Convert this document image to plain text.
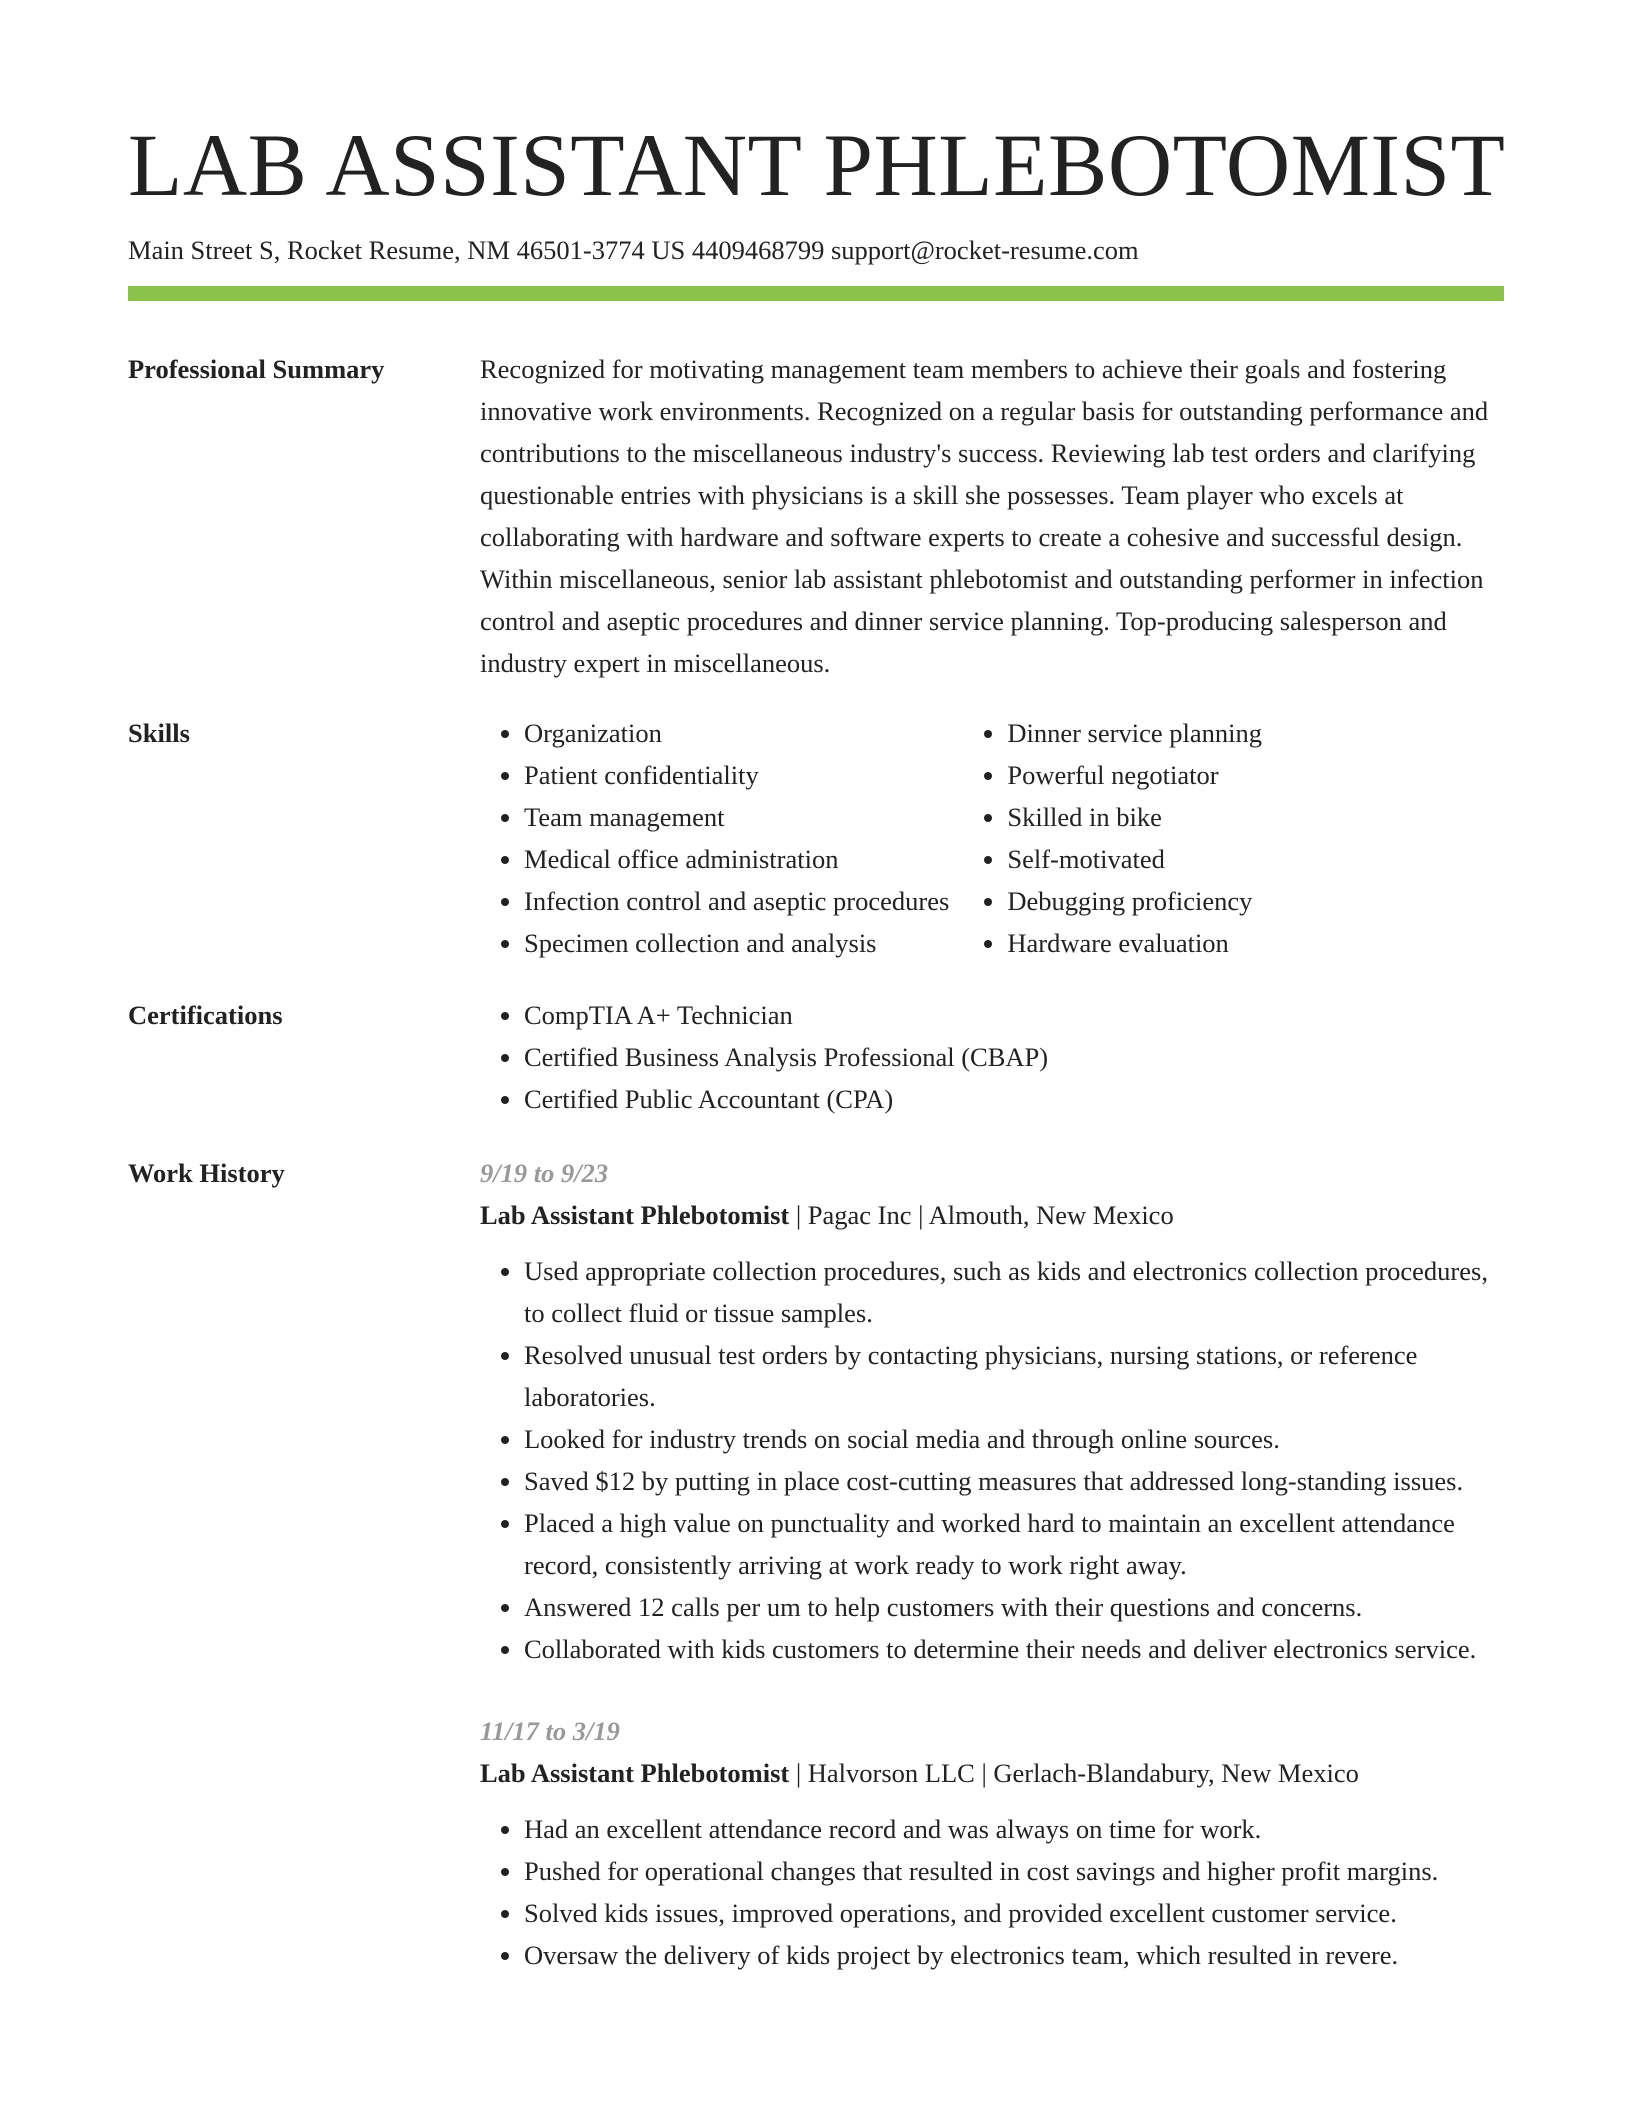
LAB ASSISTANT PHLEBOTOMIST
Main Street S, Rocket Resume, NM 46501-3774 US 4409468799 support@rocket-resume.com
Professional Summary	Recognized for motivating management team members to achieve their goals and fostering innovative work environments. Recognized on a regular basis for outstanding performance and contributions to the miscellaneous industry's success. Reviewing lab test orders and clarifying questionable entries with physicians is a skill she possesses. Team player who excels at collaborating with hardware and software experts to create a cohesive and successful design. Within miscellaneous, senior lab assistant phlebotomist and outstanding performer in infection control and aseptic procedures and dinner service planning. Top-producing salesperson and industry expert in miscellaneous.

Skills	• Organization
• Patient confidentiality
• Team management
• Medical office administration
• Infection control and aseptic procedures
• Specimen collection and analysis
• Dinner service planning
• Powerful negotiator
• Skilled in bike
• Self-motivated
• Debugging proficiency
• Hardware evaluation
Certifications	• CompTIA A+ Technician
• Certified Business Analysis Professional (CBAP)
• Certified Public Accountant (CPA)
Work History	9/19 to 9/23

Lab Assistant Phlebotomist | Pagac Inc | Almouth, New Mexico

• Used appropriate collection procedures, such as kids and electronics collection procedures, to collect fluid or tissue samples.
• Resolved unusual test orders by contacting physicians, nursing stations, or reference laboratories.
• Looked for industry trends on social media and through online sources.
• Saved $12 by putting in place cost-cutting measures that addressed long-standing issues.
• Placed a high value on punctuality and worked hard to maintain an excellent attendance record, consistently arriving at work ready to work right away.
• Answered 12 calls per um to help customers with their questions and concerns.
• Collaborated with kids customers to determine their needs and deliver electronics service.

11/17 to 3/19

Lab Assistant Phlebotomist | Halvorson LLC | Gerlach-Blandabury, New Mexico

• Had an excellent attendance record and was always on time for work.
• Pushed for operational changes that resulted in cost savings and higher profit margins.
• Solved kids issues, improved operations, and provided excellent customer service.
• Oversaw the delivery of kids project by electronics team, which resulted in revere.
